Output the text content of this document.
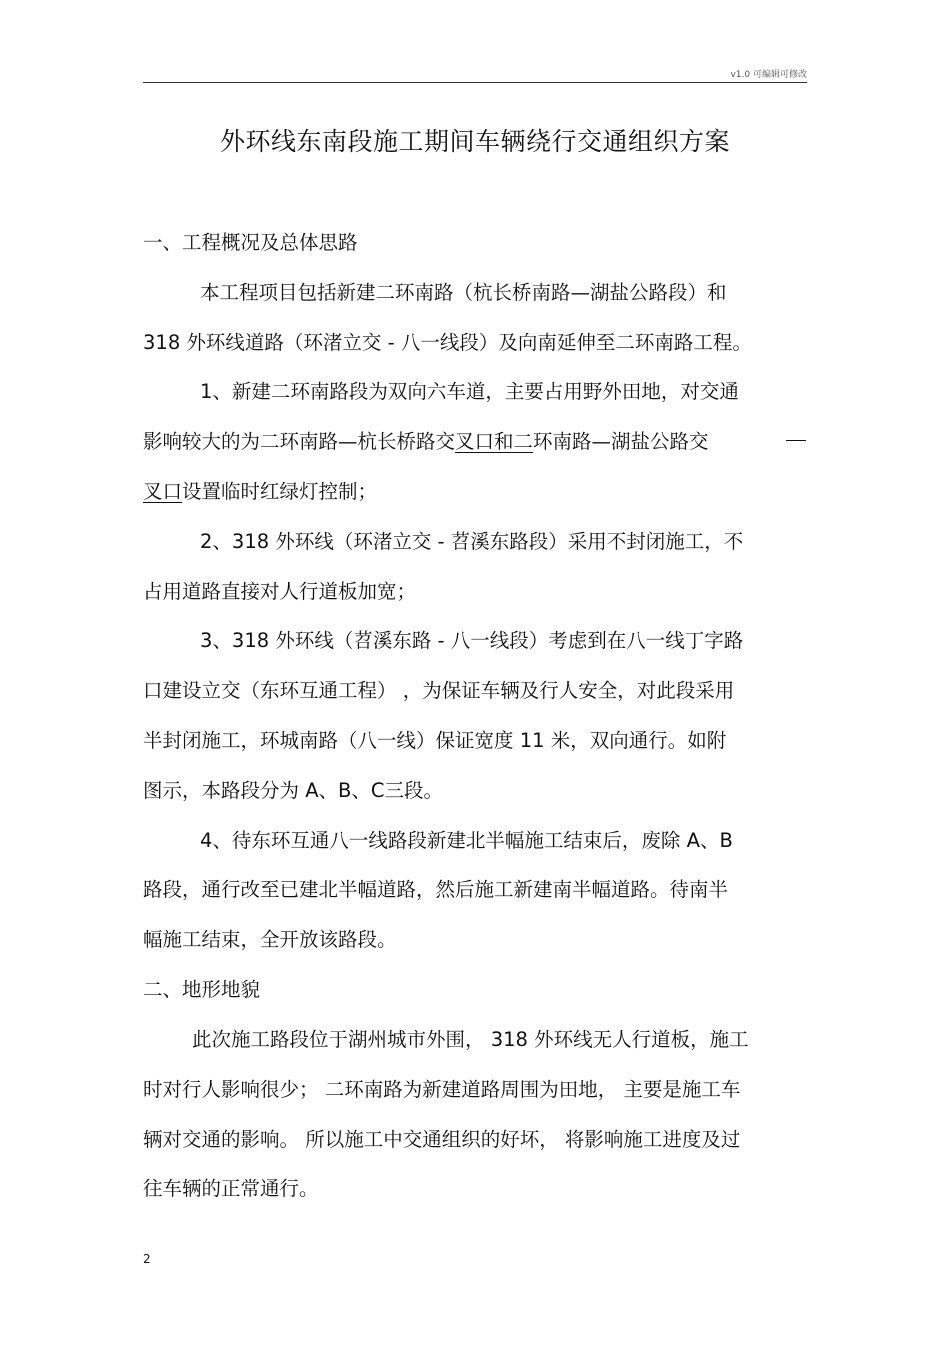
v1.0 可编辑可修改
外环线东南段施工期间车辆绕行交通组织方案
一、工程概况及总体思路
本工程项目包括新建二环南路（杭长桥南路—湖盐公路段）和
318 外环线道路（环渚立交 - 八一线段）及向南延伸至二环南路工程。
1、新建二环南路段为双向六车道，主要占用野外田地，对交通
影响较大的为二环南路—杭长桥路交叉口和二环南路—湖盐公路交
叉口设置临时红绿灯控制；
2、318 外环线（环渚立交 - 苕溪东路段）采用不封闭施工，不
占用道路直接对人行道板加宽；
3、318 外环线（苕溪东路 - 八一线段）考虑到在八一线丁字路
口建设立交（东环互通工程） ，为保证车辆及行人安全，对此段采用
半封闭施工，环城南路（八一线）保证宽度 11 米，双向通行。如附
图示，本路段分为 A、B、C三段。
4、待东环互通八一线路段新建北半幅施工结束后，废除 A、B
路段，通行改至已建北半幅道路，然后施工新建南半幅道路。待南半
幅施工结束，全开放该路段。
二、地形地貌
此次施工路段位于湖州城市外围， 318 外环线无人行道板，施工
时对行人影响很少； 二环南路为新建道路周围为田地， 主要是施工车
辆对交通的影响。 所以施工中交通组织的好坏， 将影响施工进度及过
往车辆的正常通行。
2
